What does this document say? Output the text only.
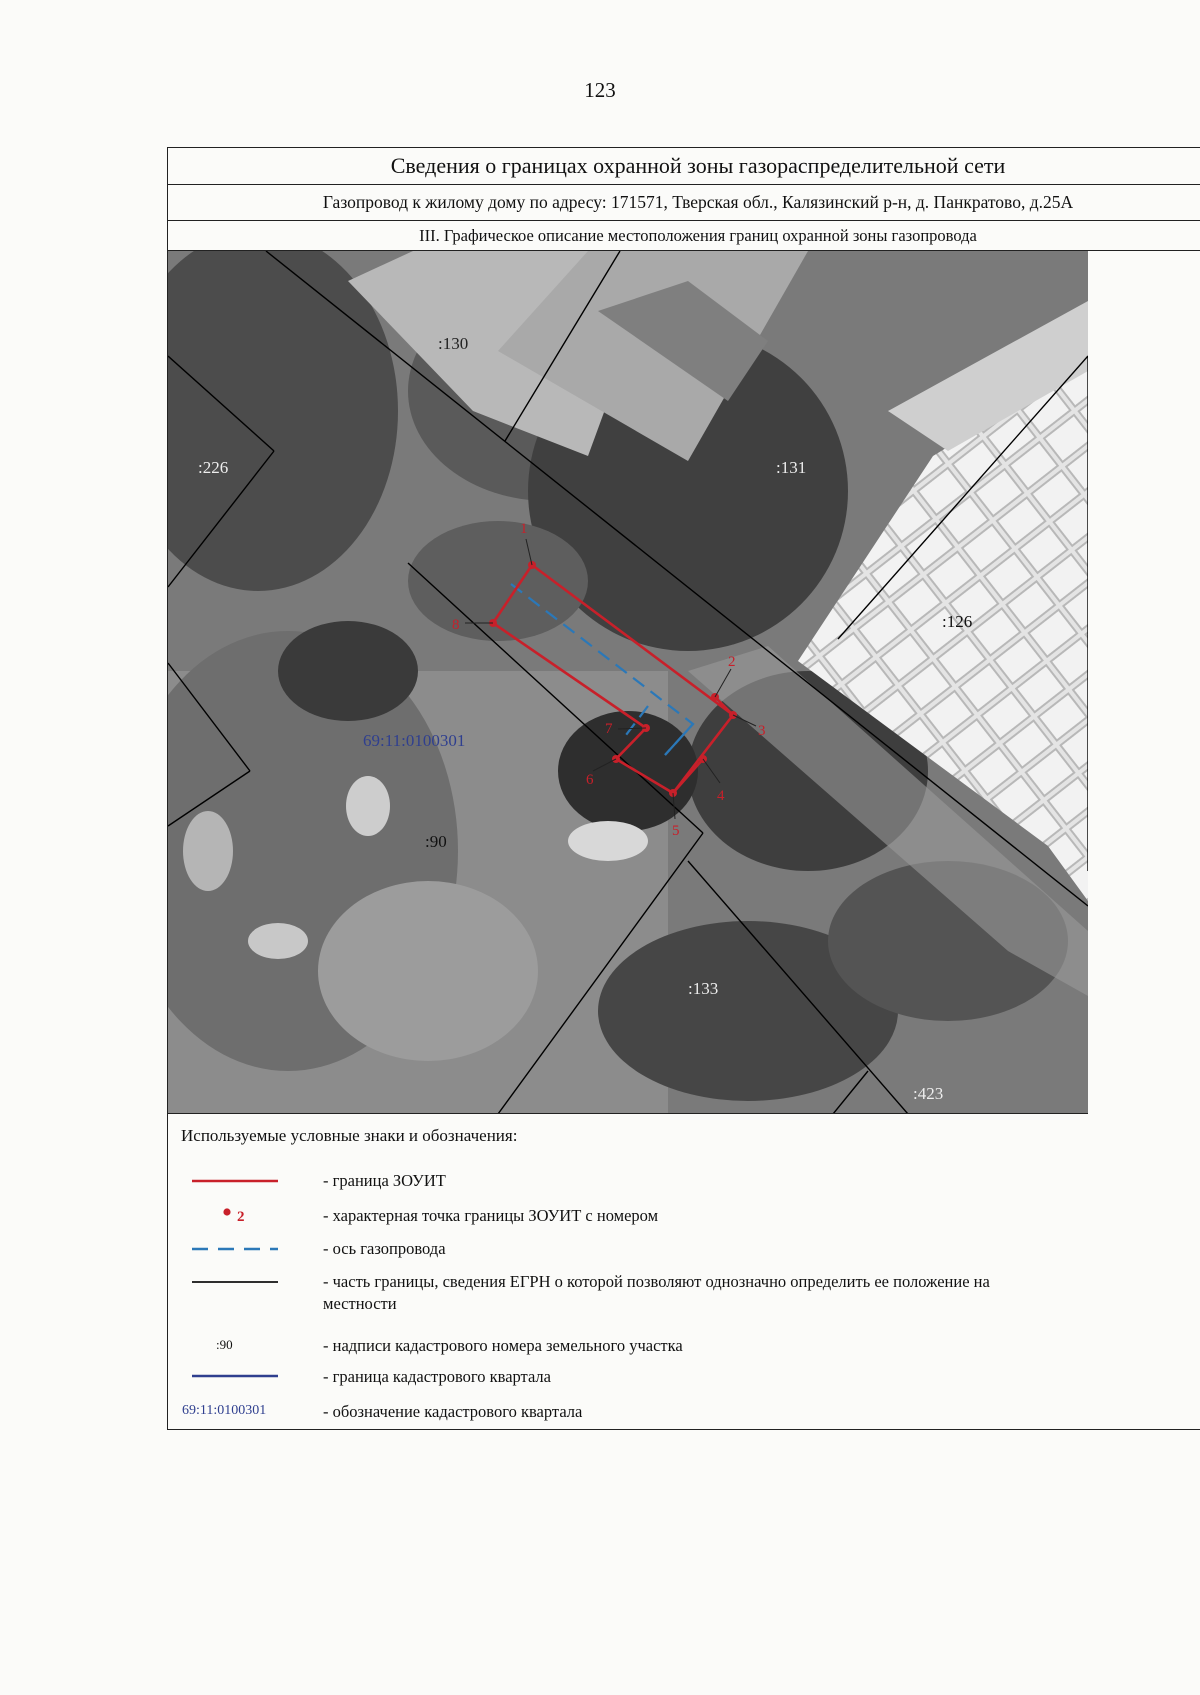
123
Сведения о границах охранной зоны газораспределительной сети
Газопровод к жилому дому по адресу: 171571, Тверская обл., Калязинский р-н, д. Панкратово, д.25А
III. Графическое описание местоположения границ охранной зоны газопровода
1
2
3
4
5
6
7
8
:130
:226	:131
:126
:90
:133
:423
69:11:0100301
Используемые условные знаки и обозначения:
- граница ЗОУИТ
2	- характерная точка границы ЗОУИТ с номером
- ось газопровода
- часть границы, сведения ЕГРН о которой позволяют однозначно определить ее положение на местности
:90	- надписи кадастрового номера земельного участка
- граница кадастрового квартала
69:11:0100301	- обозначение кадастрового квартала
